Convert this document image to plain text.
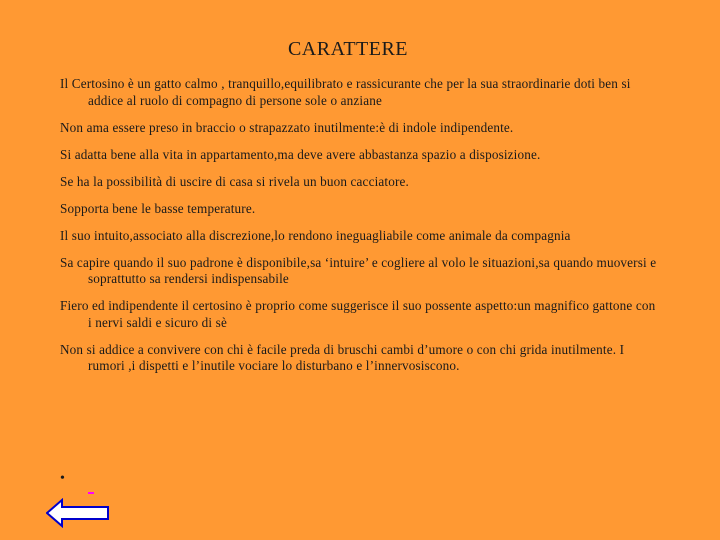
CARATTERE

Il Certosino è un gatto calmo , tranquillo,equilibrato e rassicurante che per la sua straordinarie doti ben si addice al ruolo di compagno di persone sole o anziane

Non ama essere preso in braccio o strapazzato inutilmente:è di indole indipendente.

Si adatta bene alla vita in appartamento,ma deve avere abbastanza spazio a disposizione.

Se ha la possibilità di uscire di casa si rivela un buon cacciatore.

Sopporta bene le basse temperature.

Il suo intuito,associato alla discrezione,lo rendono ineguagliabile come animale da compagnia

Sa capire quando il suo padrone è disponibile,sa ‘intuire’ e cogliere al volo le situazioni,sa quando muoversi e soprattutto sa rendersi indispensabile

Fiero ed indipendente il certosino è proprio come suggerisce il suo possente aspetto:un magnifico gattone con i nervi saldi e sicuro di sè

Non si addice a convivere con chi è facile preda di bruschi cambi d’umore o con chi grida inutilmente. I rumori ,i dispetti e l’inutile vociare lo disturbano e l’innervosiscono.

•
